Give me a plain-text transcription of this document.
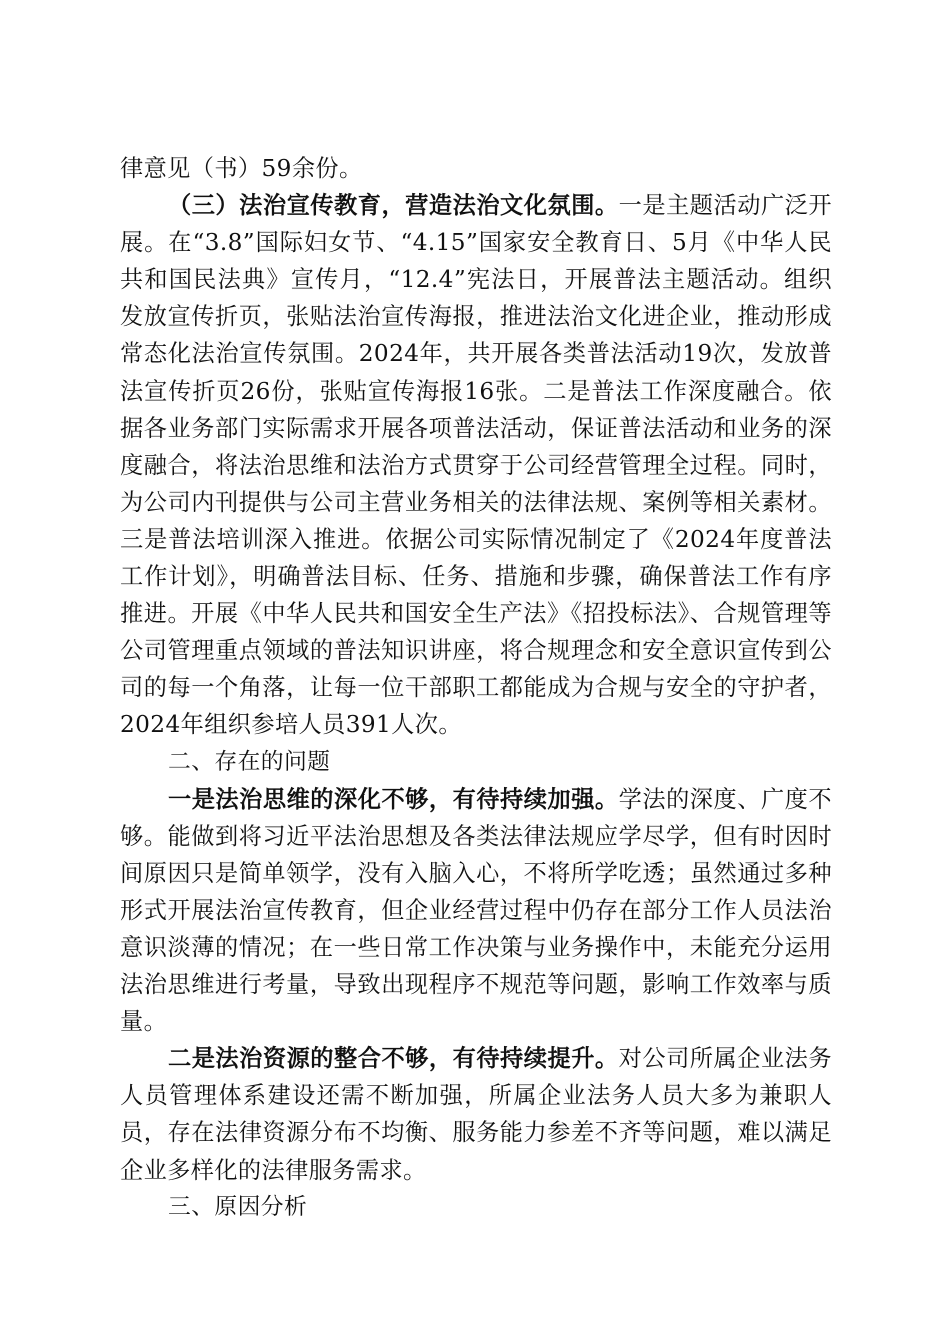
律意见（书）59余份。

（三）法治宣传教育，营造法治文化氛围。一是主题活动广泛开展。在“3.8”国际妇女节、“4.15”国家安全教育日、5月《中华人民共和国民法典》宣传月，“12.4”宪法日，开展普法主题活动。组织发放宣传折页，张贴法治宣传海报，推进法治文化进企业，推动形成常态化法治宣传氛围。2024年，共开展各类普法活动19次，发放普法宣传折页26份，张贴宣传海报16张。二是普法工作深度融合。依据各业务部门实际需求开展各项普法活动，保证普法活动和业务的深度融合，将法治思维和法治方式贯穿于公司经营管理全过程。同时，为公司内刊提供与公司主营业务相关的法律法规、案例等相关素材。三是普法培训深入推进。依据公司实际情况制定了《2024年度普法工作计划》，明确普法目标、任务、措施和步骤，确保普法工作有序推进。开展《中华人民共和国安全生产法》《招投标法》、合规管理等公司管理重点领域的普法知识讲座，将合规理念和安全意识宣传到公司的每一个角落，让每一位干部职工都能成为合规与安全的守护者，2024年组织参培人员391人次。

二、存在的问题

一是法治思维的深化不够，有待持续加强。学法的深度、广度不够。能做到将习近平法治思想及各类法律法规应学尽学，但有时因时间原因只是简单领学，没有入脑入心，不将所学吃透；虽然通过多种形式开展法治宣传教育，但企业经营过程中仍存在部分工作人员法治意识淡薄的情况；在一些日常工作决策与业务操作中，未能充分运用法治思维进行考量，导致出现程序不规范等问题，影响工作效率与质量。

二是法治资源的整合不够，有待持续提升。对公司所属企业法务人员管理体系建设还需不断加强，所属企业法务人员大多为兼职人员，存在法律资源分布不均衡、服务能力参差不齐等问题，难以满足企业多样化的法律服务需求。

三、原因分析
